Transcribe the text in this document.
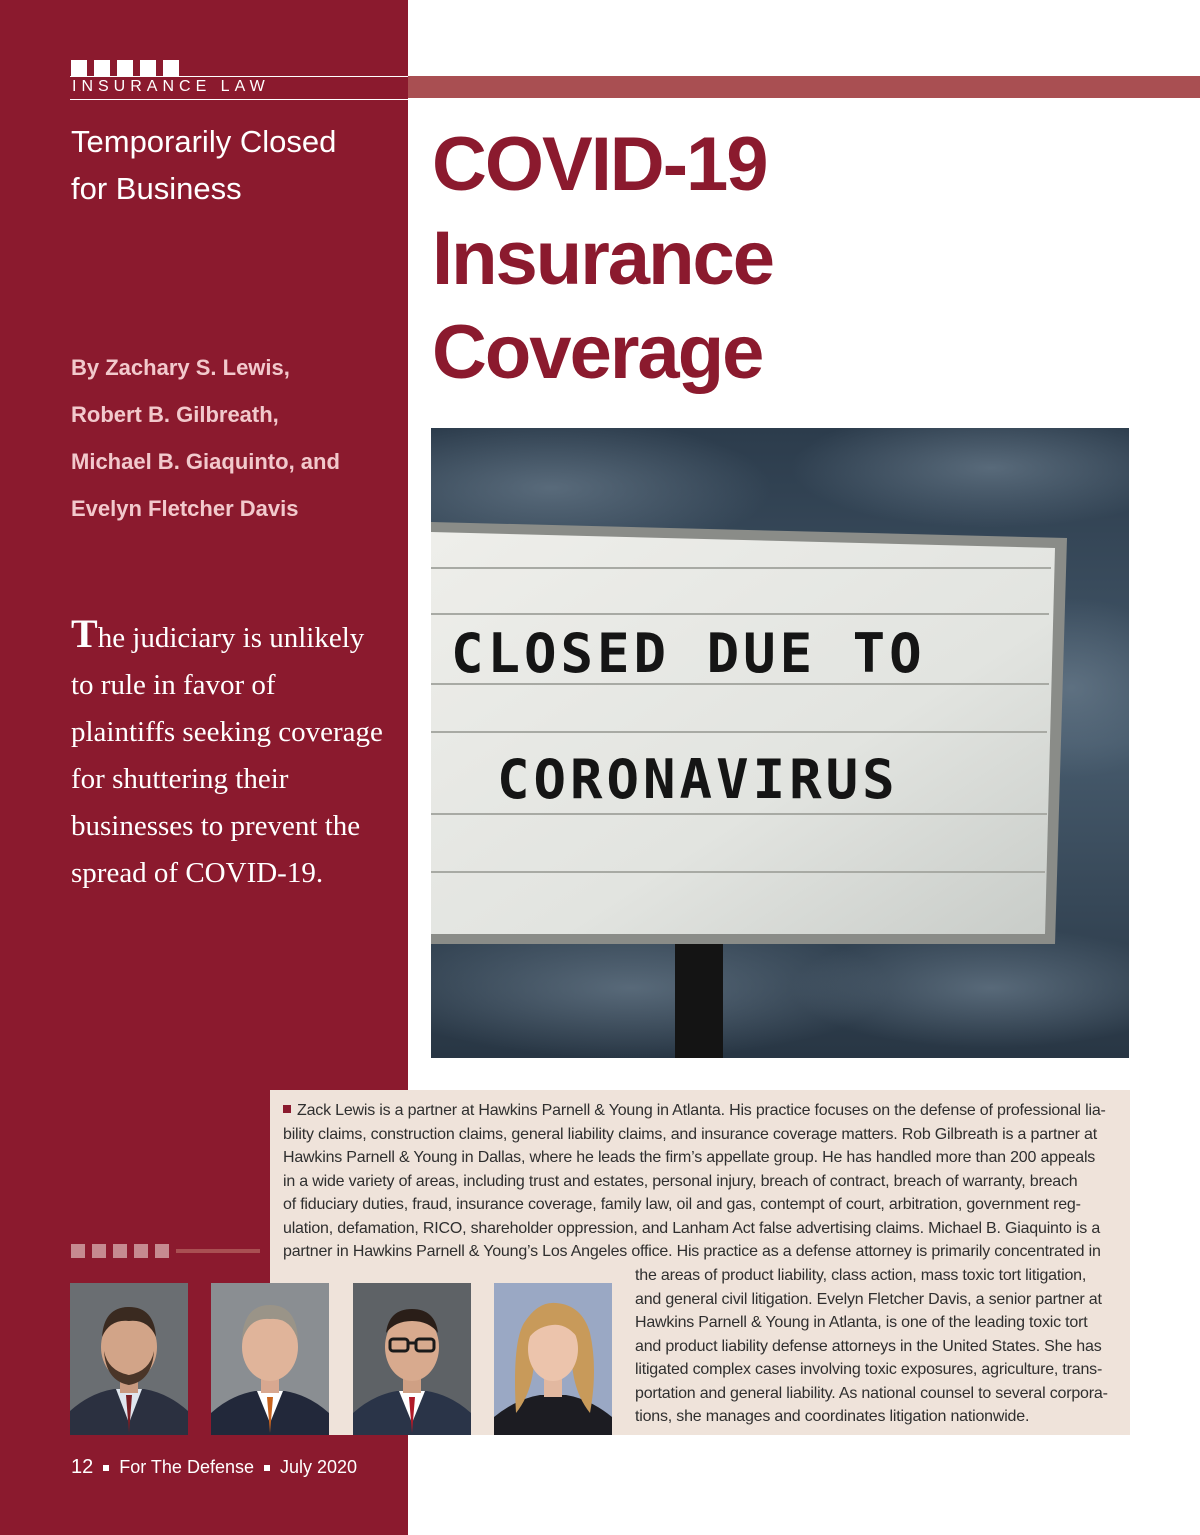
INSURANCE LAW
Temporarily Closed
for Business	COVID-19
Insurance
Coverage
By Zachary S. Lewis,
Robert B. Gilbreath,
Michael B. Giaquinto, and
Evelyn Fletcher Davis

The judiciary is unlikely
to rule in favor of
plaintiffs seeking coverage
for shuttering their
businesses to prevent the
spread of COVID-19.

CLOSED DUE TO
CORONAVIRUS

Zack Lewis is a partner at Hawkins Parnell & Young in Atlanta. His practice focuses on the defense of professional lia-
bility claims, construction claims, general liability claims, and insurance coverage matters. Rob Gilbreath is a partner at
Hawkins Parnell & Young in Dallas, where he leads the firm’s appellate group. He has handled more than 200 appeals
in a wide variety of areas, including trust and estates, personal injury, breach of contract, breach of warranty, breach
of fiduciary duties, fraud, insurance coverage, family law, oil and gas, contempt of court, arbitration, government reg-
ulation, defamation, RICO, shareholder oppression, and Lanham Act false advertising claims. Michael B. Giaquinto is a
partner in Hawkins Parnell & Young’s Los Angeles office. His practice as a defense attorney is primarily concentrated in

the areas of product liability, class action, mass toxic tort litigation,
and general civil litigation. Evelyn Fletcher Davis, a senior partner at
Hawkins Parnell & Young in Atlanta, is one of the leading toxic tort
and product liability defense attorneys in the United States. She has
litigated complex cases involving toxic exposures, agriculture, trans-
portation and general liability. As national counsel to several corpora-
tions, she manages and coordinates litigation nationwide.

12 For The Defense July 2020
